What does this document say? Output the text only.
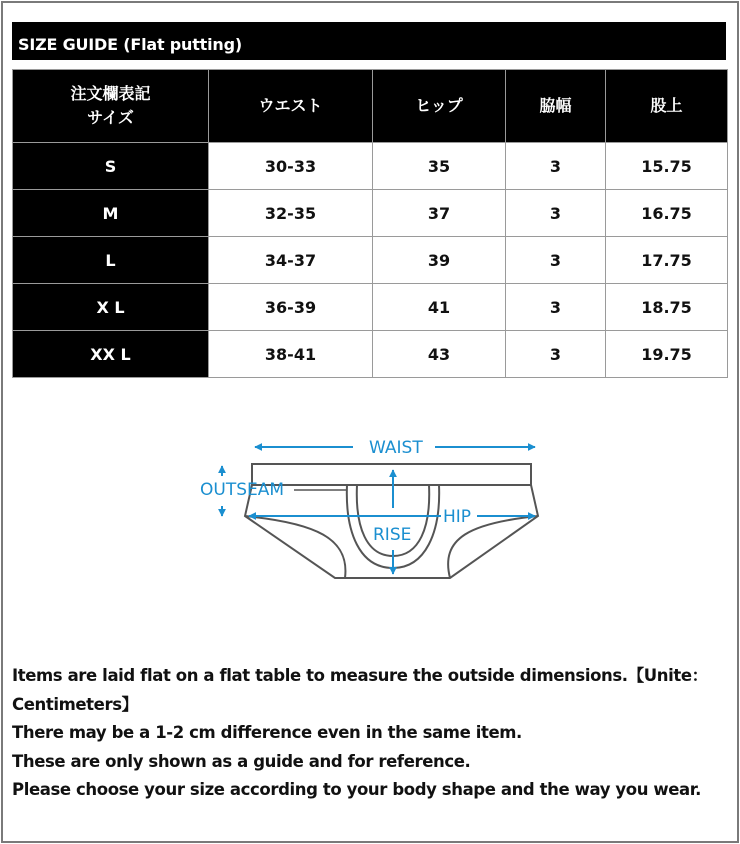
SIZE GUIDE (Flat putting)
注文欄表記
サイズ	ウエスト	ヒップ	脇幅	股上
S	30-33	35	3	15.75
M	32-35	37	3	16.75
L	34-37	39	3	17.75
X L	36-39	41	3	18.75
XX L	38-41	43	3	19.75
WAIST
OUTSEAM
HIP
RISE

Items are laid flat on a flat table to measure the outside dimensions.【Unite：Centimeters】

There may be a 1-2 cm difference even in the same item.

These are only shown as a guide and for reference.

Please choose your size according to your body shape and the way you wear.
